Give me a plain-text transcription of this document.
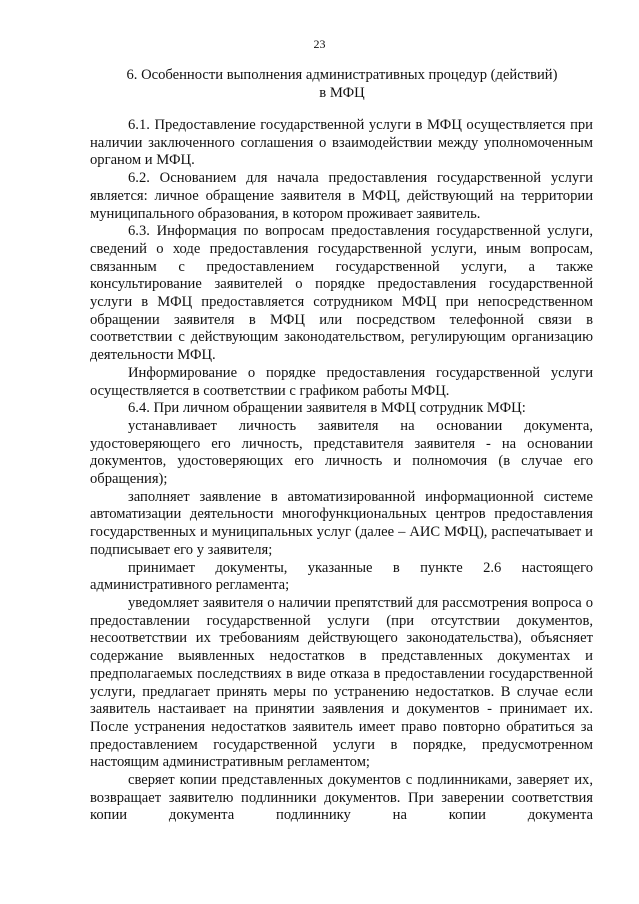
23
6. Особенности выполнения административных процедур (действий)
в МФЦ

6.1. Предоставление государственной услуги в МФЦ осуществляется при наличии заключенного соглашения о взаимодействии между уполномоченным органом и МФЦ.

6.2. Основанием для начала предоставления государственной услуги является: личное обращение заявителя в МФЦ, действующий на территории муниципального образования, в котором проживает заявитель.

6.3. Информация по вопросам предоставления государственной услуги, сведений о ходе предоставления государственной услуги, иным вопросам, связанным с предоставлением государственной услуги, а также консультирование заявителей о порядке предоставления государственной услуги в МФЦ предоставляется сотрудником МФЦ при непосредственном обращении заявителя в МФЦ или посредством телефонной связи в соответствии с действующим законодательством, регулирующим организацию деятельности МФЦ.

Информирование о порядке предоставления государственной услуги осуществляется в соответствии с графиком работы МФЦ.

6.4. При личном обращении заявителя в МФЦ сотрудник МФЦ:

устанавливает личность заявителя на основании документа, удостоверяющего его личность, представителя заявителя - на основании документов, удостоверяющих его личность и полномочия (в случае его обращения);

заполняет заявление в автоматизированной информационной системе автоматизации деятельности многофункциональных центров предоставления государственных и муниципальных услуг (далее – АИС МФЦ), распечатывает и подписывает его у заявителя;

принимает документы, указанные в пункте 2.6 настоящего административного регламента;

уведомляет заявителя о наличии препятствий для рассмотрения вопроса о предоставлении государственной услуги (при отсутствии документов, несоответствии их требованиям действующего законодательства), объясняет содержание выявленных недостатков в представленных документах и предполагаемых последствиях в виде отказа в предоставлении государственной услуги, предлагает принять меры по устранению недостатков. В случае если заявитель настаивает на принятии заявления и документов - принимает их. После устранения недостатков заявитель имеет право повторно обратиться за предоставлением государственной услуги в порядке, предусмотренном настоящим административным регламентом;

сверяет копии представленных документов с подлинниками, заверяет их, возвращает заявителю подлинники документов. При заверении соответствия копии документа подлиннику на копии документа
